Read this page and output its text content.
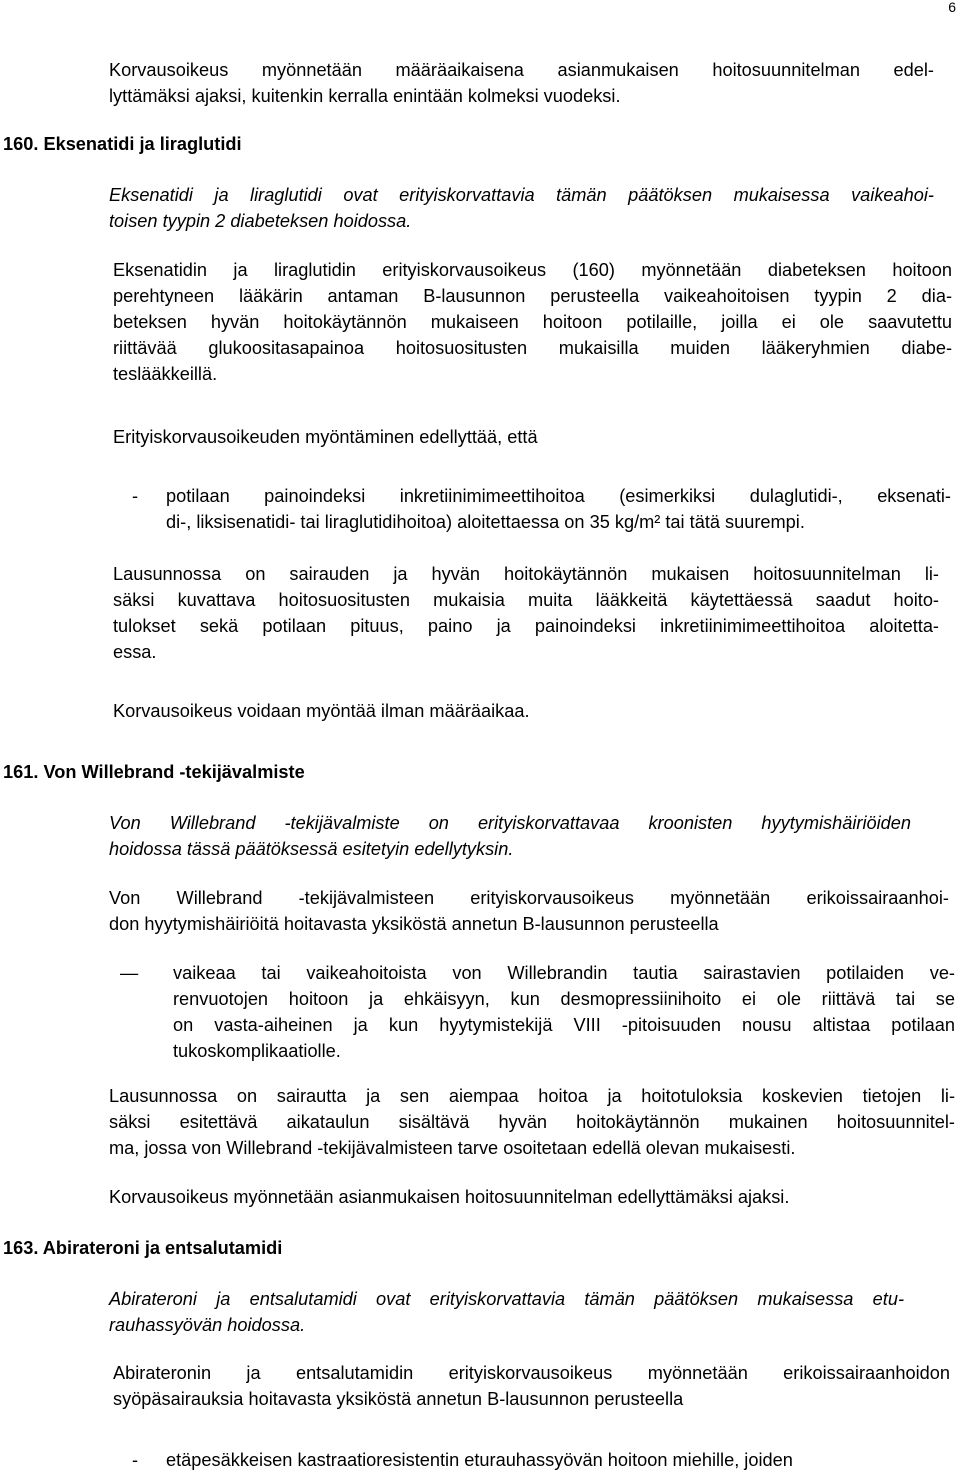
6
Korvausoikeus myönnetään määräaikaisena asianmukaisen hoitosuunnitelman edel-
lyttämäksi ajaksi, kuitenkin kerralla enintään kolmeksi vuodeksi.
160. Eksenatidi ja liraglutidi
Eksenatidi ja liraglutidi ovat erityiskorvattavia tämän päätöksen mukaisessa vaikeahoi-
toisen tyypin 2 diabeteksen hoidossa.
Eksenatidin ja liraglutidin erityiskorvausoikeus (160) myönnetään diabeteksen hoitoon
perehtyneen lääkärin antaman B-lausunnon perusteella vaikeahoitoisen tyypin 2 dia-
beteksen hyvän hoitokäytännön mukaiseen hoitoon potilaille, joilla ei ole saavutettu
riittävää glukoositasapainoa hoitosuositusten mukaisilla muiden lääkeryhmien diabe-
teslääkkeillä.
Erityiskorvausoikeuden myöntäminen edellyttää, että
- potilaan painoindeksi inkretiinimimeettihoitoa (esimerkiksi dulaglutidi-, eksenati-
di-, liksisenatidi- tai liraglutidihoitoa) aloitettaessa on 35 kg/m² tai tätä suurempi.
Lausunnossa on sairauden ja hyvän hoitokäytännön mukaisen hoitosuunnitelman li-
säksi kuvattava hoitosuositusten mukaisia muita lääkkeitä käytettäessä saadut hoito-
tulokset sekä potilaan pituus, paino ja painoindeksi inkretiinimimeettihoitoa aloitetta-
essa.
Korvausoikeus voidaan myöntää ilman määräaikaa.
161. Von Willebrand -tekijävalmiste
Von Willebrand -tekijävalmiste on erityiskorvattavaa kroonisten hyytymishäiriöiden
hoidossa tässä päätöksessä esitetyin edellytyksin.
Von Willebrand -tekijävalmisteen erityiskorvausoikeus myönnetään erikoissairaanhoi-
don hyytymishäiriöitä hoitavasta yksiköstä annetun B-lausunnon perusteella
— vaikeaa tai vaikeahoitoista von Willebrandin tautia sairastavien potilaiden ve-
renvuotojen hoitoon ja ehkäisyyn, kun desmopressiinihoito ei ole riittävä tai se
on vasta-aiheinen ja kun hyytymistekijä VIII -pitoisuuden nousu altistaa potilaan
tukoskomplikaatiolle.
Lausunnossa on sairautta ja sen aiempaa hoitoa ja hoitotuloksia koskevien tietojen li-
säksi esitettävä aikataulun sisältävä hyvän hoitokäytännön mukainen hoitosuunnitel-
ma, jossa von Willebrand -tekijävalmisteen tarve osoitetaan edellä olevan mukaisesti.
Korvausoikeus myönnetään asianmukaisen hoitosuunnitelman edellyttämäksi ajaksi.
163. Abirateroni ja entsalutamidi
Abirateroni ja entsalutamidi ovat erityiskorvattavia tämän päätöksen mukaisessa etu-
rauhassyövän hoidossa.
Abirateronin ja entsalutamidin erityiskorvausoikeus myönnetään erikoissairaanhoidon
syöpäsairauksia hoitavasta yksiköstä annetun B-lausunnon perusteella
- etäpesäkkeisen kastraatioresistentin eturauhassyövän hoitoon miehille, joiden
